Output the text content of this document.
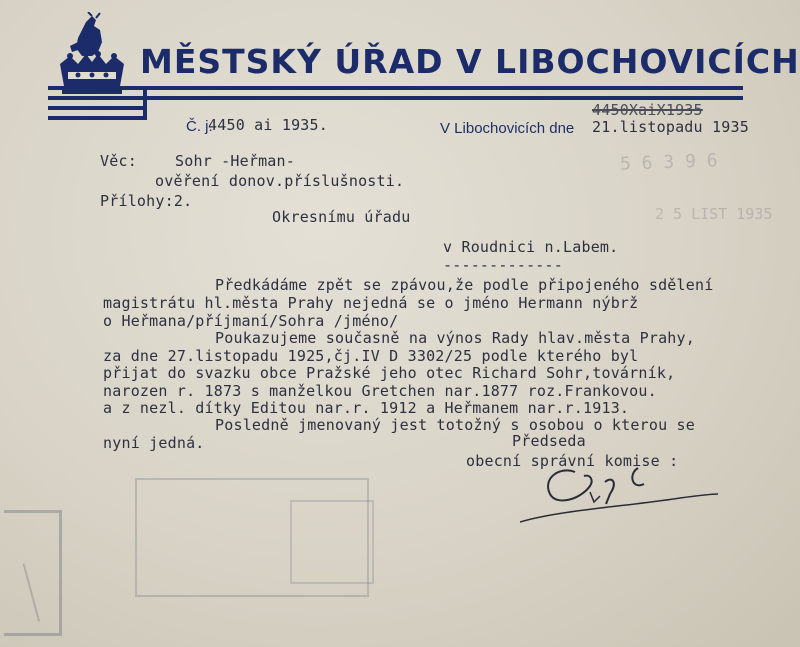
5 6 3 9 6
2 5 LIST 1935
MĚSTSKÝ ÚŘAD V LIBOCHOVICÍCH
Č. j.
4450 ai 1935.	V Libochovicích dne
4450XaiX1935
21.listopadu 1935
Věc:	Sohr -Heřman-
ověření donov.příslušnosti.
Přílohy:2.
Okresnímu úřadu
v Roudnici n.Labem.
-------------
Předkádáme zpět se zpávou,že podle připojeného sdělení
magistrátu hl.města Prahy nejedná se o jméno Hermann nýbrž
o Heřmana/příjmaní/Sohra /jméno/
Poukazujeme současně na výnos Rady hlav.města Prahy,
za dne 27.listopadu 1925,čj.IV D 3302/25 podle kterého byl
přijat do svazku obce Pražské jeho otec Richard Sohr,továrník,
narozen r. 1873 s manželkou Gretchen nar.1877 roz.Frankovou.
a z nezl. dítky Editou nar.r. 1912 a Heřmanem nar.r.1913.
Posledně jmenovaný jest totožný s osobou o kterou se
nyní jedná.	Předseda
obecní správní komise :
